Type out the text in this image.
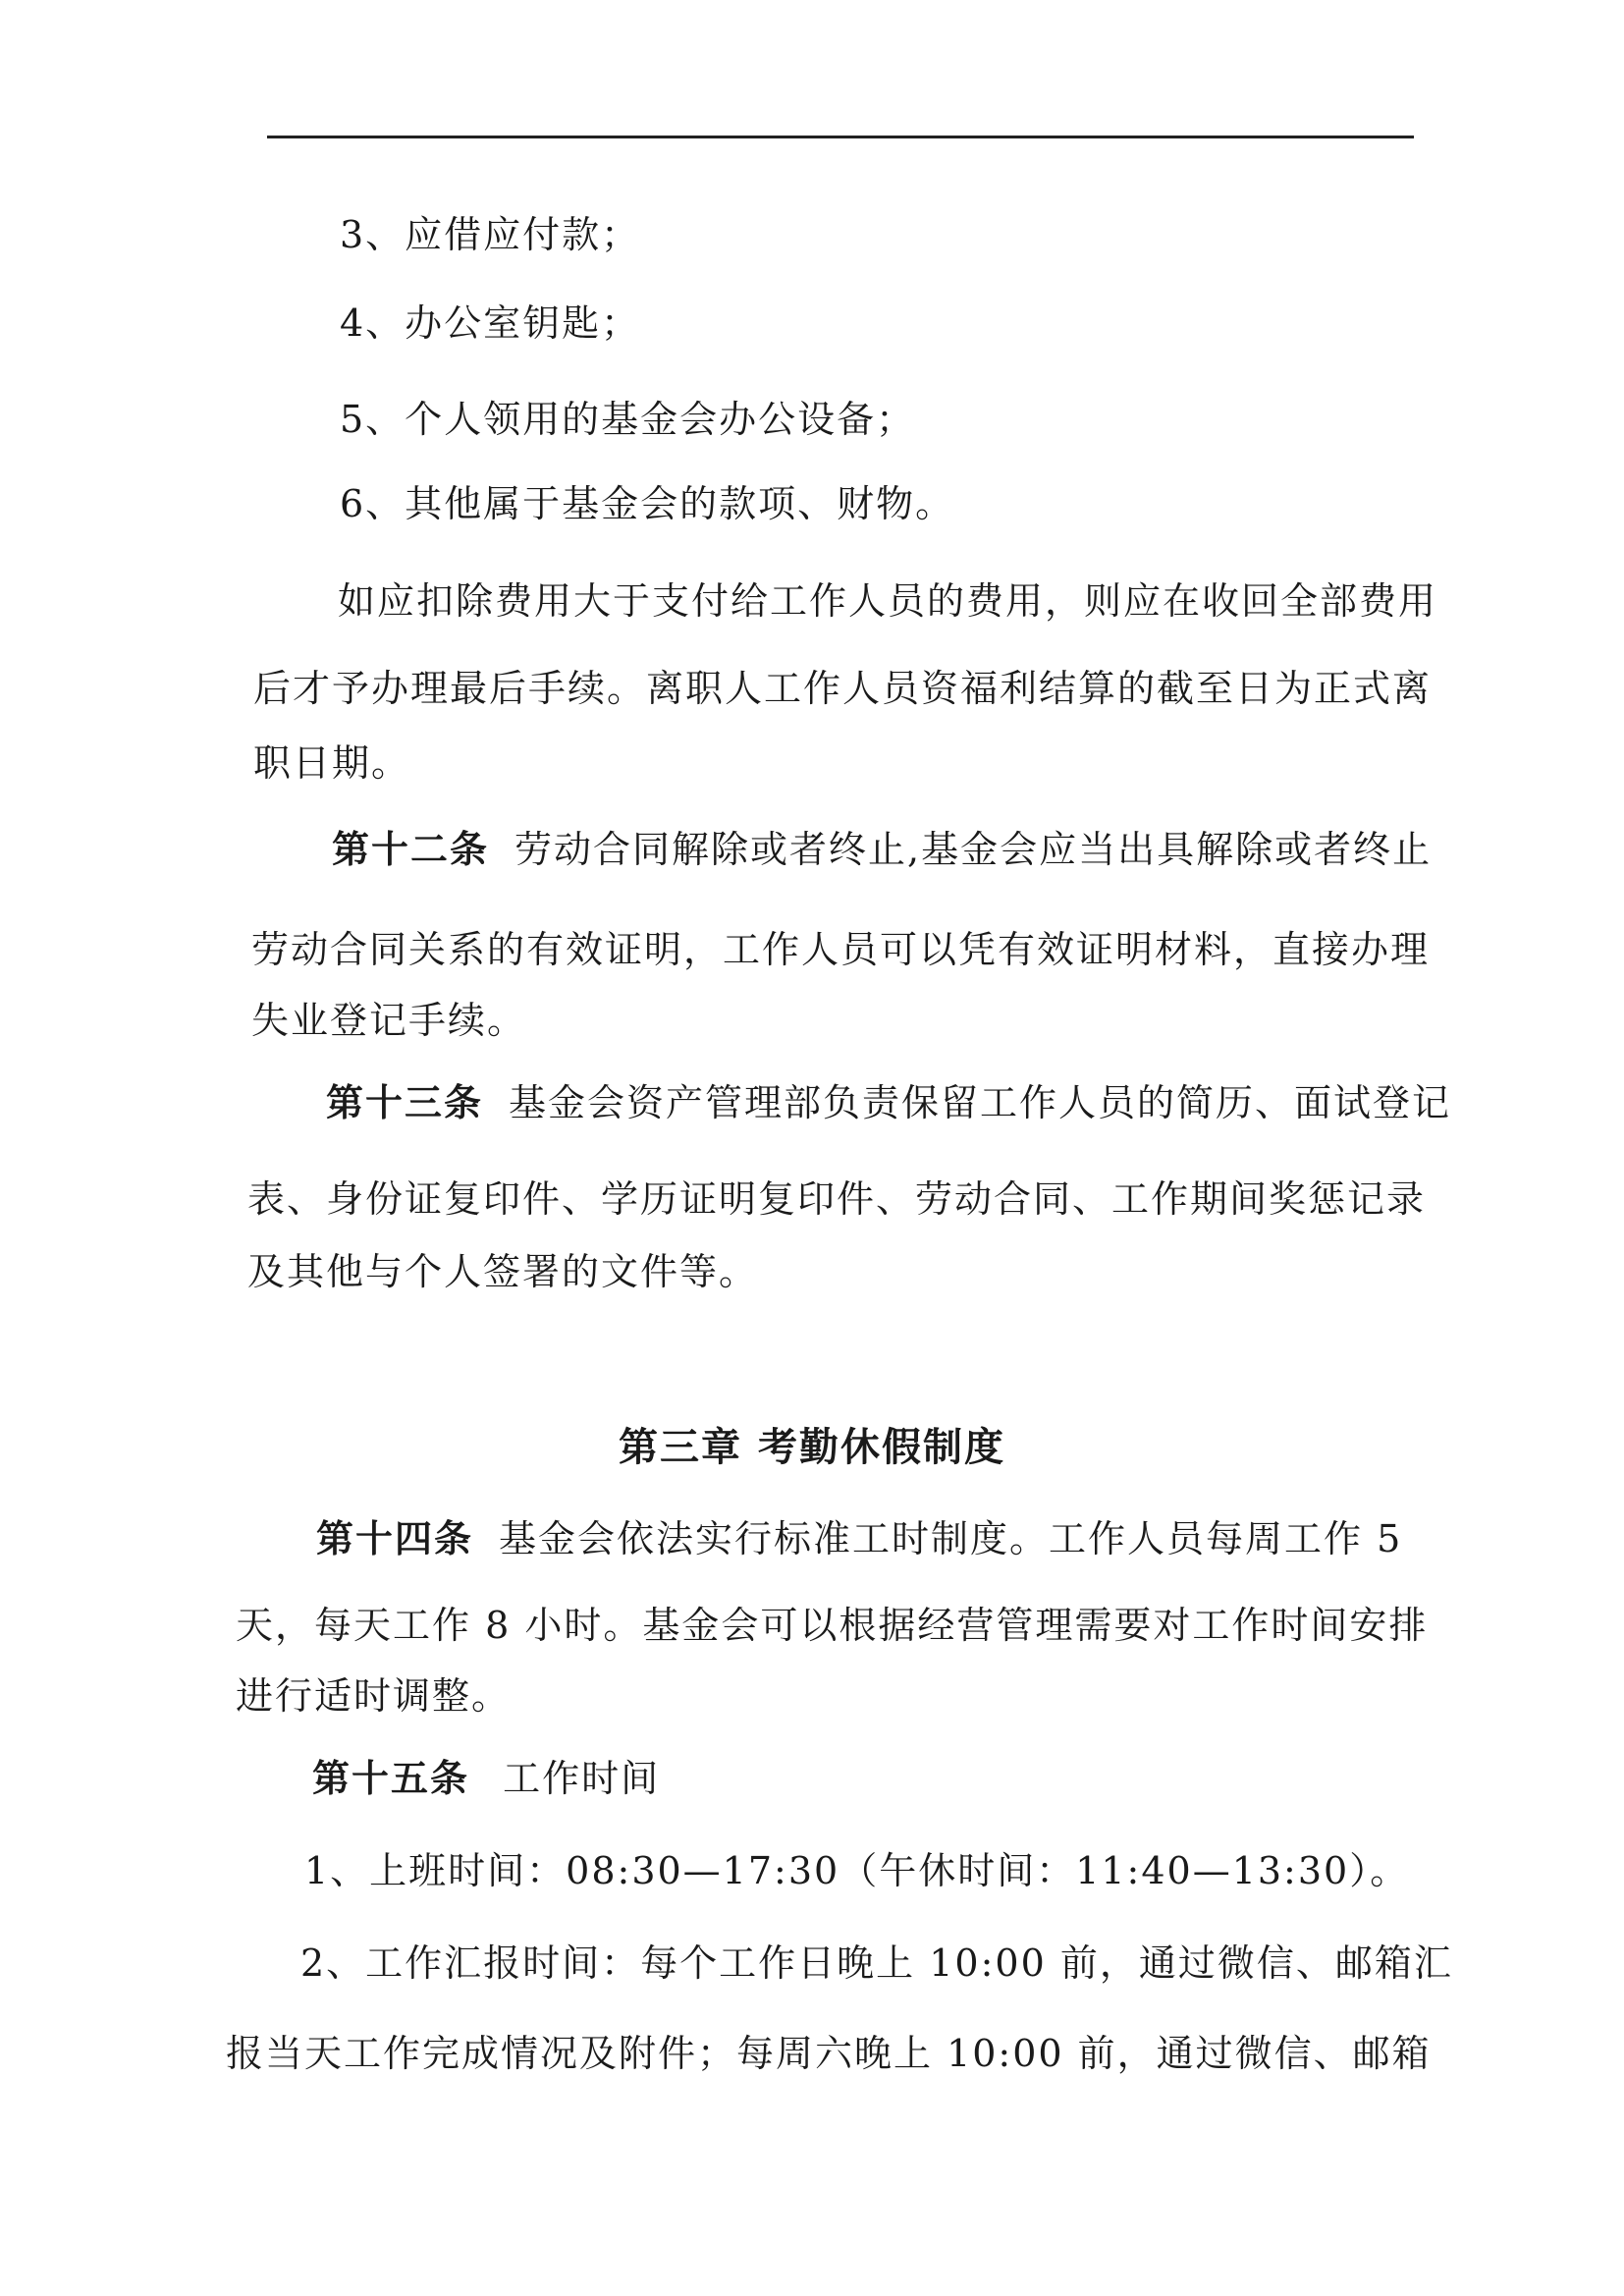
3、应借应付款；
4、办公室钥匙；
5、个人领用的基金会办公设备；
6、其他属于基金会的款项、财物。
如应扣除费用大于支付给工作人员的费用，则应在收回全部费用
后才予办理最后手续。离职人工作人员资福利结算的截至日为正式离
职日期。
第十二条 劳动合同解除或者终止,基金会应当出具解除或者终止
劳动合同关系的有效证明，工作人员可以凭有效证明材料，直接办理
失业登记手续。
第十三条 基金会资产管理部负责保留工作人员的简历、面试登记
表、身份证复印件、学历证明复印件、劳动合同、工作期间奖惩记录
及其他与个人签署的文件等。
第三章 考勤休假制度
第十四条 基金会依法实行标准工时制度。工作人员每周工作 5
天，每天工作 8 小时。基金会可以根据经营管理需要对工作时间安排
进行适时调整。
第十五条 工作时间
1、上班时间：08:30—17:30（午休时间：11:40—13:30）。
2、工作汇报时间：每个工作日晚上 10:00 前，通过微信、邮箱汇
报当天工作完成情况及附件；每周六晚上 10:00 前，通过微信、邮箱
